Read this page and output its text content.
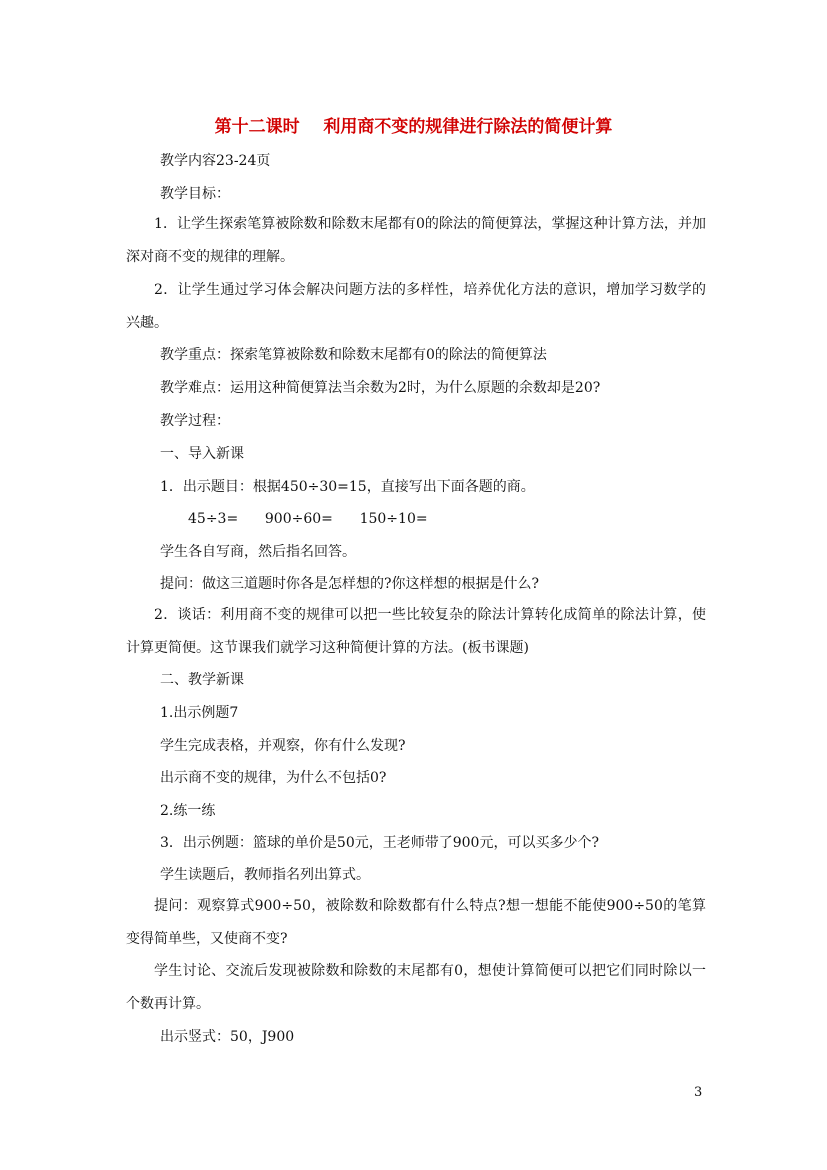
第十二课时    利用商不变的规律进行除法的简便计算
教学内容23-24页
教学目标：
1．让学生探索笔算被除数和除数末尾都有0的除法的简便算法，掌握这种计算方法，并加深对商不变的规律的理解。
2．让学生通过学习体会解决问题方法的多样性，培养优化方法的意识，增加学习数学的兴趣。
教学重点：探索笔算被除数和除数末尾都有0的除法的简便算法
教学难点：运用这种简便算法当余数为2时，为什么原题的余数却是20?
教学过程：
一、导入新课
1．出示题目：根据450÷30=15，直接写出下面各题的商。
45÷3=      900÷60=      150÷10=
学生各自写商，然后指名回答。
提问：做这三道题时你各是怎样想的?你这样想的根据是什么?
2．谈话：利用商不变的规律可以把一些比较复杂的除法计算转化成简单的除法计算，使计算更简便。这节课我们就学习这种简便计算的方法。(板书课题)
二、教学新课
1.出示例题7
学生完成表格，并观察，你有什么发现?
出示商不变的规律，为什么不包括0?
2.练一练
3．出示例题：篮球的单价是50元，王老师带了900元，可以买多少个?
学生读题后，教师指名列出算式。
提问：观察算式900÷50，被除数和除数都有什么特点?想一想能不能使900÷50的笔算变得简单些，又使商不变?
学生讨论、交流后发现被除数和除数的末尾都有0，想使计算简便可以把它们同时除以一个数再计算。
出示竖式：50，J900
3
